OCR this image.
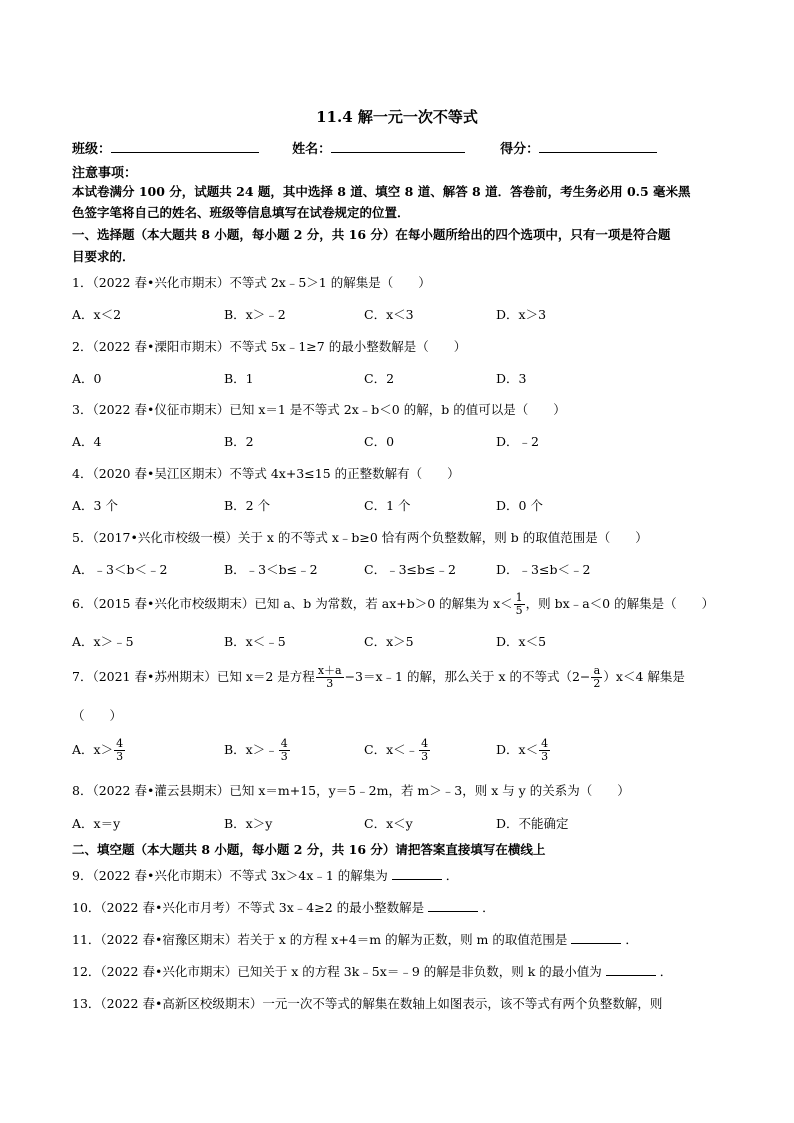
11.4 解一元一次不等式
班级：	姓名：	得分：
注意事项：
本试卷满分 100 分，试题共 24 题，其中选择 8 道、填空 8 道、解答 8 道．答卷前，考生务必用 0.5 毫米黑
色签字笔将自己的姓名、班级等信息填写在试卷规定的位置．
一、选择题（本大题共 8 小题，每小题 2 分，共 16 分）在每小题所给出的四个选项中，只有一项是符合题
目要求的．
1．（2022 春•兴化市期末）不等式 2x﹣5＞1 的解集是（　　）
A．x＜2	B．x＞﹣2	C．x＜3	D．x＞3
2．（2022 春•溧阳市期末）不等式 5x﹣1≥7 的最小整数解是（　　）
A．0	B．1	C．2	D．3
3．（2022 春•仪征市期末）已知 x＝1 是不等式 2x﹣b＜0 的解，b 的值可以是（　　）
A．4	B．2	C．0	D．﹣2
4．（2020 春•吴江区期末）不等式 4x+3≤15 的正整数解有（　　）
A．3 个	B．2 个	C．1 个	D．0 个
5．（2017•兴化市校级一模）关于 x 的不等式 x﹣b≥0 恰有两个负整数解，则 b 的取值范围是（　　）
A．﹣3＜b＜﹣2	B．﹣3＜b≤﹣2	C．﹣3≤b≤﹣2	D．﹣3≤b＜﹣2
6．（2015 春•兴化市校级期末）已知 a、b 为常数，若 ax+b＞0 的解集为 $x< \frac{1}{5}$ ，则 bx﹣a＜0 的解集是（　　）
A．x＞﹣5	B．x＜﹣5	C．x＞5	D．x＜5
7．（2021 春•苏州期末）已知 x＝2 是方程 $\frac{x+a}{3}$ −3＝x﹣1 的解，那么关于 x 的不等式$(2- \frac{a}{2} )x<4$ 解集是
（　　）
A．$x> \frac{4}{3}$	B．x＞﹣ $\frac{4}{3}$	C．x＜﹣ $\frac{4}{3}$	D．$x< \frac{4}{3}$
8．（2022 春•灌云县期末）已知 x＝m+15，y＝5﹣2m，若 m＞﹣3，则 x 与 y 的关系为（　　）
A．x＝y	B．x＞y	C．x＜y	D．不能确定
二、填空题（本大题共 8 小题，每小题 2 分，共 16 分）请把答案直接填写在横线上
9．（2022 春•兴化市期末）不等式 3x＞4x﹣1 的解集为	．
10．（2022 春•兴化市月考）不等式 3x﹣4≥2 的最小整数解是	．
11．（2022 春•宿豫区期末）若关于 x 的方程 x+4＝m 的解为正数，则 m 的取值范围是	．
12．（2022 春•兴化市期末）已知关于 x 的方程 3k﹣5x＝﹣9 的解是非负数，则 k 的最小值为	．
13．（2022 春•高新区校级期末）一元一次不等式的解集在数轴上如图表示，该不等式有两个负整数解，则
